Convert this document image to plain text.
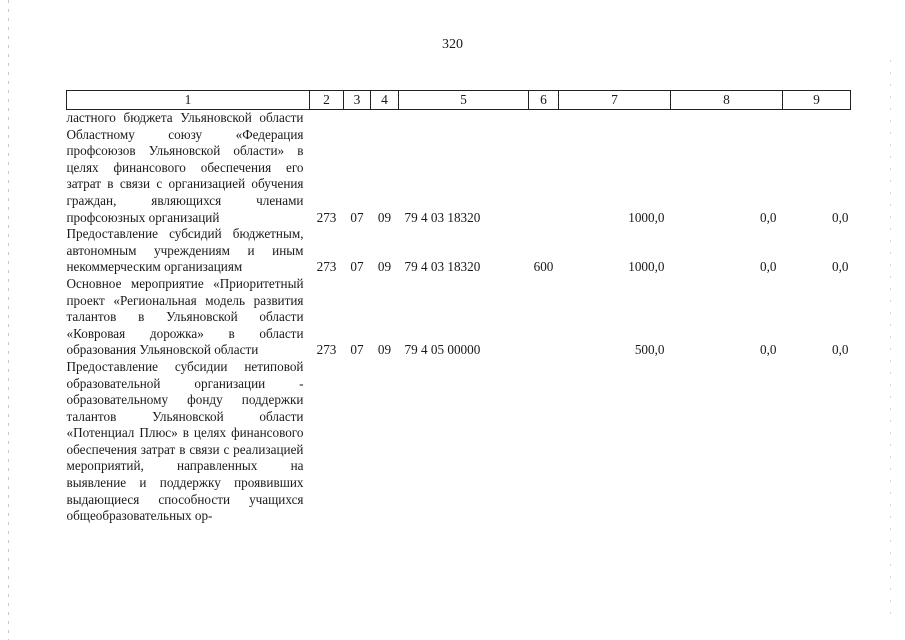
320
1	2	3	4	5	6	7	8	9
ластного бюджета Ульяновской области Областному союзу «Федерация профсоюзов Ульяновской области» в целях финансового обеспечения его затрат в связи с организацией обучения граждан, являющихся членами профсоюзных организаций	273	07	09	79 4 03 18320		1000,0	0,0	0,0
Предоставление субсидий бюджетным, автономным учреждениям и иным некоммерческим организациям	273	07	09	79 4 03 18320	600	1000,0	0,0	0,0
Основное мероприятие «Приоритетный проект «Региональная модель развития талантов в Ульяновской области «Ковровая дорожка» в области образования Ульяновской области	273	07	09	79 4 05 00000		500,0	0,0	0,0
Предоставление субсидии нетиповой образовательной организации - образовательному фонду поддержки талантов Ульяновской области «Потенциал Плюс» в целях финансового обеспечения затрат в связи с реализацией мероприятий, направленных на выявление и поддержку проявивших выдающиеся способности учащихся общеобразовательных ор-								
